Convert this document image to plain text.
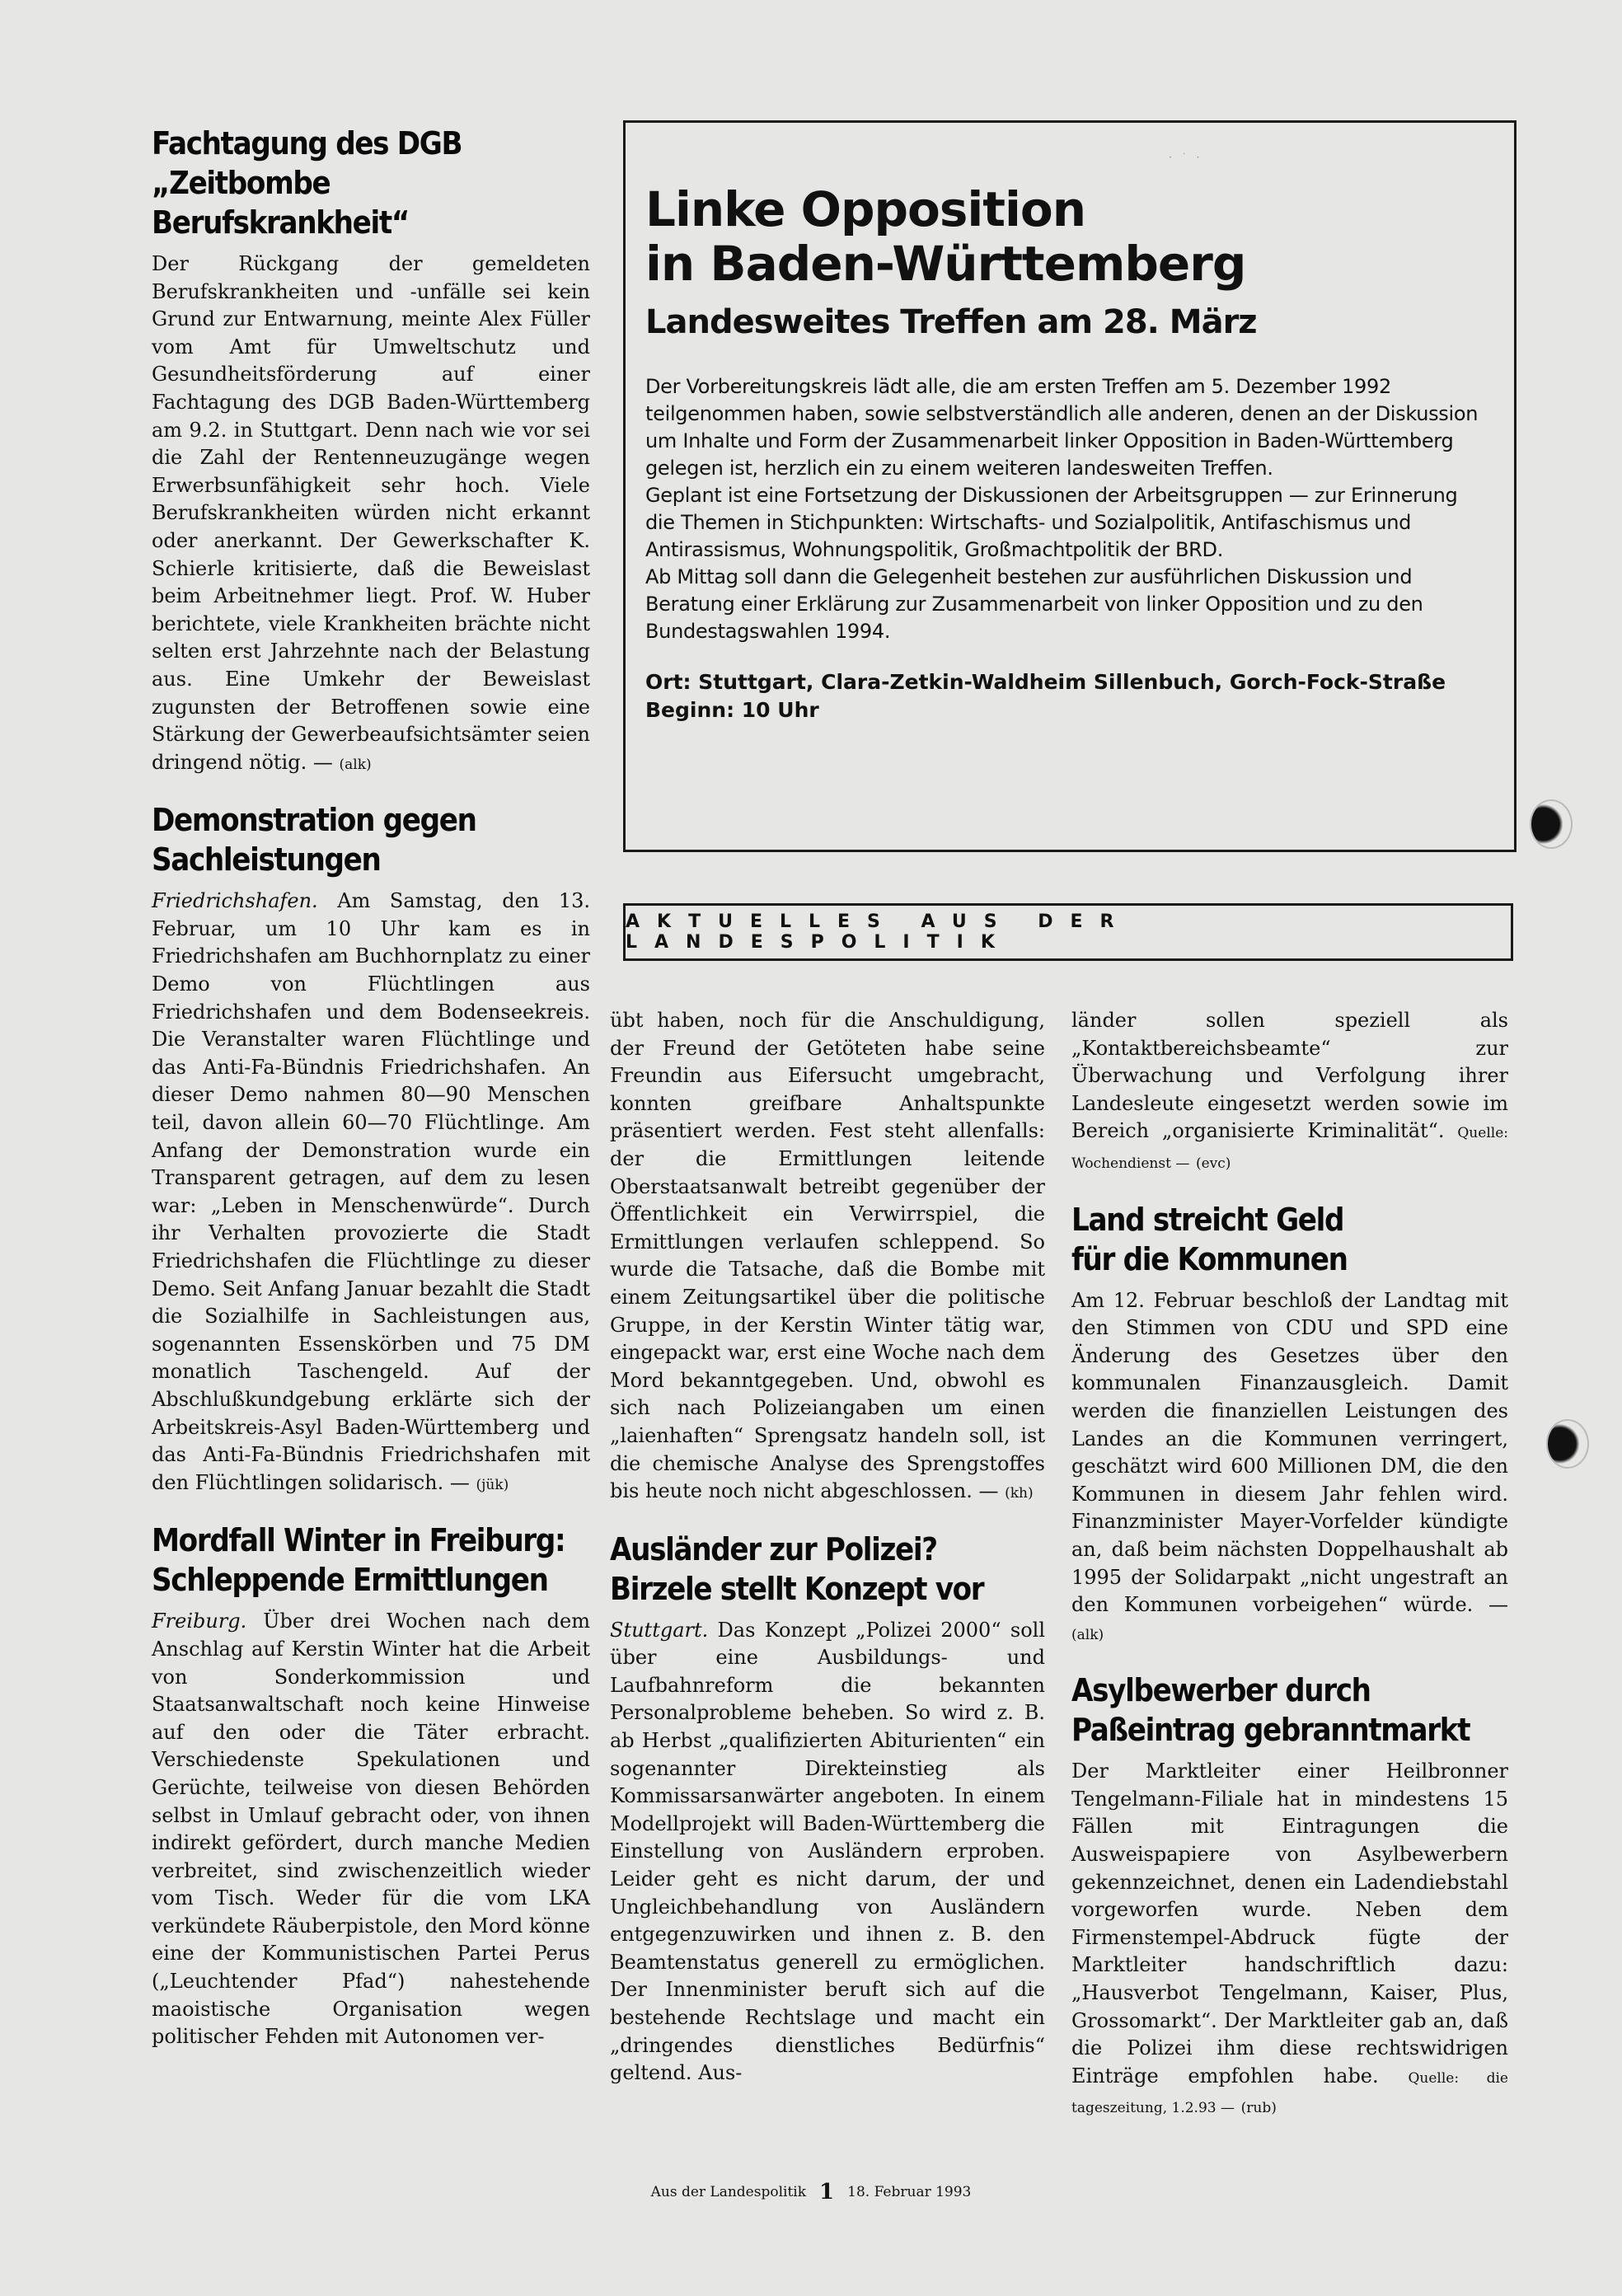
Fachtagung des DGB
„Zeitbombe Berufskrankheit“

Der Rückgang der gemeldeten Berufskrankheiten und -unfälle sei kein Grund zur Entwarnung, meinte Alex Füller vom Amt für Umweltschutz und Gesundheitsförderung auf einer Fachtagung des DGB Baden-Württemberg am 9.2. in Stuttgart. Denn nach wie vor sei die Zahl der Rentenneuzugänge wegen Erwerbsunfähigkeit sehr hoch. Viele Berufskrankheiten würden nicht erkannt oder anerkannt. Der Gewerkschafter K. Schierle kritisierte, daß die Beweislast beim Arbeitnehmer liegt. Prof. W. Huber berichtete, viele Krankheiten brächte nicht selten erst Jahrzehnte nach der Belastung aus. Eine Umkehr der Beweislast zugunsten der Betroffenen sowie eine Stärkung der Gewerbeaufsichtsämter seien dringend nötig. — (alk)

Demonstration gegen
Sachleistungen

Friedrichshafen. Am Samstag, den 13. Februar, um 10 Uhr kam es in Friedrichshafen am Buchhornplatz zu einer Demo von Flüchtlingen aus Friedrichshafen und dem Bodenseekreis. Die Veranstalter waren Flüchtlinge und das Anti-Fa-Bündnis Friedrichshafen. An dieser Demo nahmen 80—90 Menschen teil, davon allein 60—70 Flüchtlinge. Am Anfang der Demonstration wurde ein Transparent getragen, auf dem zu lesen war: „Leben in Menschenwürde“. Durch ihr Verhalten provozierte die Stadt Friedrichshafen die Flüchtlinge zu dieser Demo. Seit Anfang Januar bezahlt die Stadt die Sozialhilfe in Sachleistungen aus, sogenannten Essenskörben und 75 DM monatlich Taschengeld. Auf der Abschlußkundgebung erklärte sich der Arbeitskreis-Asyl Baden-Württemberg und das Anti-Fa-Bündnis Friedrichshafen mit den Flüchtlingen solidarisch. — (jük)

Mordfall Winter in Freiburg:
Schleppende Ermittlungen

Freiburg. Über drei Wochen nach dem Anschlag auf Kerstin Winter hat die Arbeit von Sonderkommission und Staatsanwaltschaft noch keine Hinweise auf den oder die Täter erbracht. Verschiedenste Spekulationen und Gerüchte, teilweise von diesen Behörden selbst in Umlauf gebracht oder, von ihnen indirekt gefördert, durch manche Medien verbreitet, sind zwischenzeitlich wieder vom Tisch. Weder für die vom LKA verkündete Räuberpistole, den Mord könne eine der Kommunistischen Partei Perus („Leuchtender Pfad“) nahestehende maoistische Organisation wegen politischer Fehden mit Autonomen ver-

· ˙ ·
Linke Opposition
in Baden-Württemberg
Landesweites Treffen am 28. März

Der Vorbereitungskreis lädt alle, die am ersten Treffen am 5. Dezember 1992 teilgenommen haben, sowie selbstverständlich alle anderen, denen an der Diskussion um Inhalte und Form der Zusammenarbeit linker Opposition in Baden-Württemberg gelegen ist, herzlich ein zu einem weiteren landesweiten Treffen.

Geplant ist eine Fortsetzung der Diskussionen der Arbeitsgruppen — zur Erinnerung die Themen in Stichpunkten: Wirtschafts- und Sozialpolitik, Antifaschismus und Antirassismus, Wohnungspolitik, Großmachtpolitik der BRD.

Ab Mittag soll dann die Gelegenheit bestehen zur ausführlichen Diskussion und Beratung einer Erklärung zur Zusammenarbeit von linker Opposition und zu den Bundestagswahlen 1994.

Ort: Stuttgart, Clara-Zetkin-Waldheim Sillenbuch, Gorch-Fock-Straße
Beginn: 10 Uhr

AKTUELLES AUS DER LANDESPOLITIK

übt haben, noch für die Anschuldigung, der Freund der Getöteten habe seine Freundin aus Eifersucht umgebracht, konnten greifbare Anhaltspunkte präsentiert werden. Fest steht allenfalls: der die Ermittlungen leitende Oberstaatsanwalt betreibt gegenüber der Öffentlichkeit ein Verwirrspiel, die Ermittlungen verlaufen schleppend. So wurde die Tatsache, daß die Bombe mit einem Zeitungsartikel über die politische Gruppe, in der Kerstin Winter tätig war, eingepackt war, erst eine Woche nach dem Mord bekanntgegeben. Und, obwohl es sich nach Polizeiangaben um einen „laienhaften“ Sprengsatz handeln soll, ist die chemische Analyse des Sprengstoffes bis heute noch nicht abgeschlossen. — (kh)

Ausländer zur Polizei?
Birzele stellt Konzept vor

Stuttgart. Das Konzept „Polizei 2000“ soll über eine Ausbildungs- und Laufbahnreform die bekannten Personalprobleme beheben. So wird z. B. ab Herbst „qualifizierten Abiturienten“ ein sogenannter Direkteinstieg als Kommissarsanwärter angeboten. In einem Modellprojekt will Baden-Württemberg die Einstellung von Ausländern erproben. Leider geht es nicht darum, der und Ungleichbehandlung von Ausländern entgegenzuwirken und ihnen z. B. den Beamtenstatus generell zu ermöglichen. Der Innenminister beruft sich auf die bestehende Rechtslage und macht ein „dringendes dienstliches Bedürfnis“ geltend. Aus-

länder sollen speziell als „Kontaktbereichsbeamte“ zur Überwachung und Verfolgung ihrer Landesleute eingesetzt werden sowie im Bereich „organisierte Kriminalität“. Quelle: Wochendienst — (evc)

Land streicht Geld
für die Kommunen

Am 12. Februar beschloß der Landtag mit den Stimmen von CDU und SPD eine Änderung des Gesetzes über den kommunalen Finanzausgleich. Damit werden die finanziellen Leistungen des Landes an die Kommunen verringert, geschätzt wird 600 Millionen DM, die den Kommunen in diesem Jahr fehlen wird. Finanzminister Mayer-Vorfelder kündigte an, daß beim nächsten Doppelhaushalt ab 1995 der Solidarpakt „nicht ungestraft an den Kommunen vorbeigehen“ würde. — (alk)

Asylbewerber durch
Paßeintrag gebranntmarkt

Der Marktleiter einer Heilbronner Tengelmann-Filiale hat in mindestens 15 Fällen mit Eintragungen die Ausweispapiere von Asylbewerbern gekennzeichnet, denen ein Ladendiebstahl vorgeworfen wurde. Neben dem Firmenstempel-Abdruck fügte der Marktleiter handschriftlich dazu: „Hausverbot Tengelmann, Kaiser, Plus, Grossomarkt“. Der Marktleiter gab an, daß die Polizei ihm diese rechtswidrigen Einträge empfohlen habe. Quelle: die tageszeitung, 1.2.93 — (rub)

Aus der Landespolitik 1 18. Februar 1993
